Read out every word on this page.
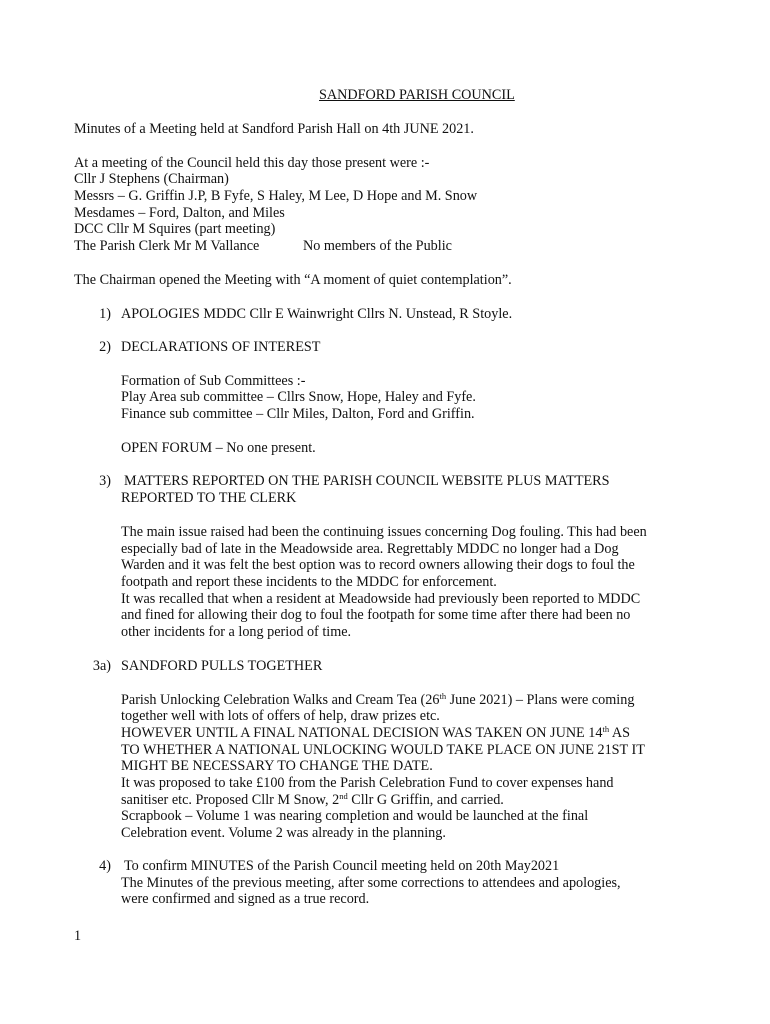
SANDFORD PARISH COUNCIL
Minutes of a Meeting held at Sandford Parish Hall on 4th JUNE 2021.
At a meeting of the Council held this day those present were :-
Cllr J Stephens (Chairman)
Messrs – G. Griffin J.P, B Fyfe, S Haley, M Lee, D Hope and M. Snow
Mesdames – Ford, Dalton, and Miles
DCC Cllr M Squires (part meeting)
The Parish Clerk Mr M Vallance	No members of the Public
The Chairman opened the Meeting with “A moment of quiet contemplation”.
1) APOLOGIES MDDC Cllr E Wainwright Cllrs N. Unstead, R Stoyle.
2) DECLARATIONS OF INTEREST
Formation of Sub Committees :-
Play Area sub committee – Cllrs Snow, Hope, Haley and Fyfe.
Finance sub committee – Cllr Miles, Dalton, Ford and Griffin.
OPEN FORUM – No one present.
3) MATTERS REPORTED ON THE PARISH COUNCIL WEBSITE PLUS MATTERS
REPORTED TO THE CLERK
The main issue raised had been the continuing issues concerning Dog fouling. This had been
especially bad of late in the Meadowside area. Regrettably MDDC no longer had a Dog
Warden and it was felt the best option was to record owners allowing their dogs to foul the
footpath and report these incidents to the MDDC for enforcement.
It was recalled that when a resident at Meadowside had previously been reported to MDDC
and fined for allowing their dog to foul the footpath for some time after there had been no
other incidents for a long period of time.
3a) SANDFORD PULLS TOGETHER
Parish Unlocking Celebration Walks and Cream Tea (26th June 2021) – Plans were coming
together well with lots of offers of help, draw prizes etc.
HOWEVER UNTIL A FINAL NATIONAL DECISION WAS TAKEN ON JUNE 14th AS
TO WHETHER A NATIONAL UNLOCKING WOULD TAKE PLACE ON JUNE 21ST IT
MIGHT BE NECESSARY TO CHANGE THE DATE.
It was proposed to take £100 from the Parish Celebration Fund to cover expenses hand
sanitiser etc. Proposed Cllr M Snow, 2nd Cllr G Griffin, and carried.
Scrapbook – Volume 1 was nearing completion and would be launched at the final
Celebration event. Volume 2 was already in the planning.
4) To confirm MINUTES of the Parish Council meeting held on 20th May2021
The Minutes of the previous meeting, after some corrections to attendees and apologies,
were confirmed and signed as a true record.
1
